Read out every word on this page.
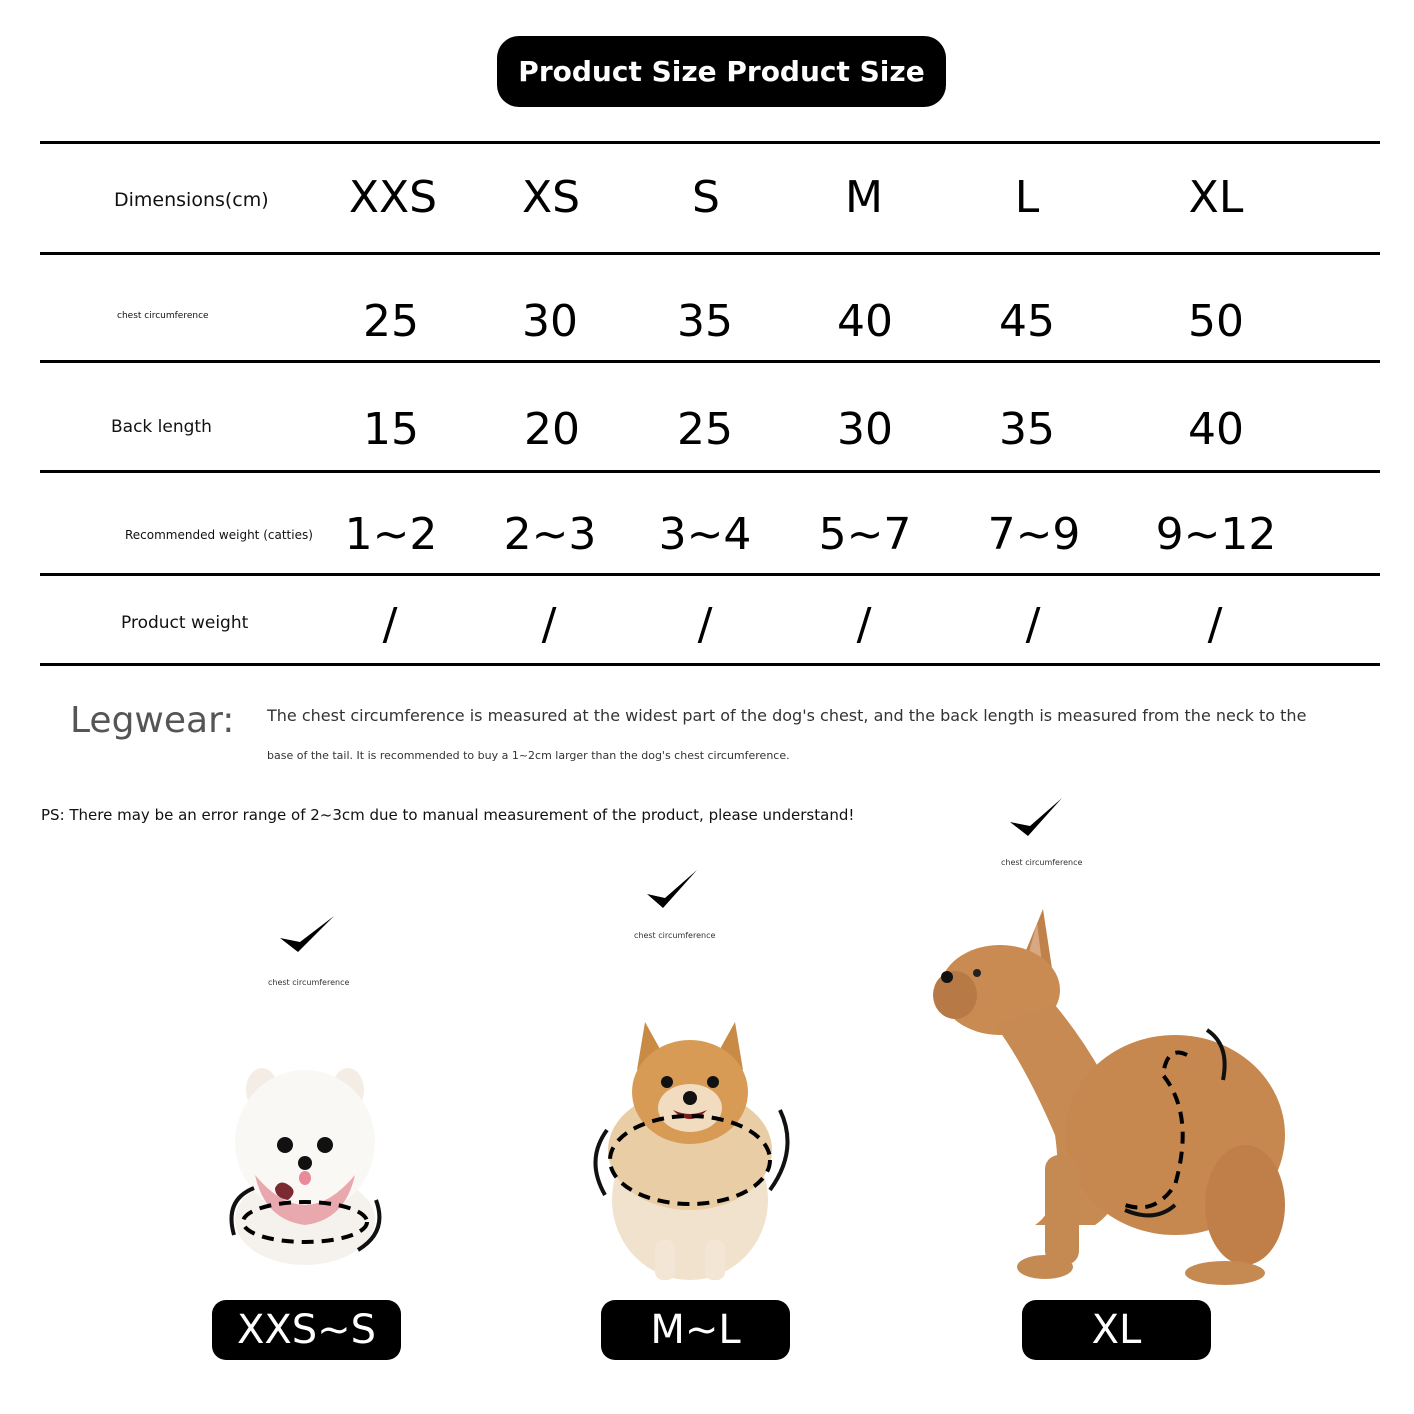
Product Size Product Size
Dimensions(cm) XXS XS	S	M	L	XL
chest circumference	25 30 35 40 45	50
Back length	15 20 25 30 35	40
Recommended weight (catties) 1~2 2~3 3~4 5~7 7~9 9~12
Product weight	/	/	/	/	/	/
Legwear: The chest circumference is measured at the widest part of the dog's chest, and the back length is measured from the neck to the
base of the tail. It is recommended to buy a 1~2cm larger than the dog's chest circumference.
PS: There may be an error range of 2~3cm due to manual measurement of the product, please understand!
chest circumference
XXS~S
chest circumference
M~L
chest circumference
XL
